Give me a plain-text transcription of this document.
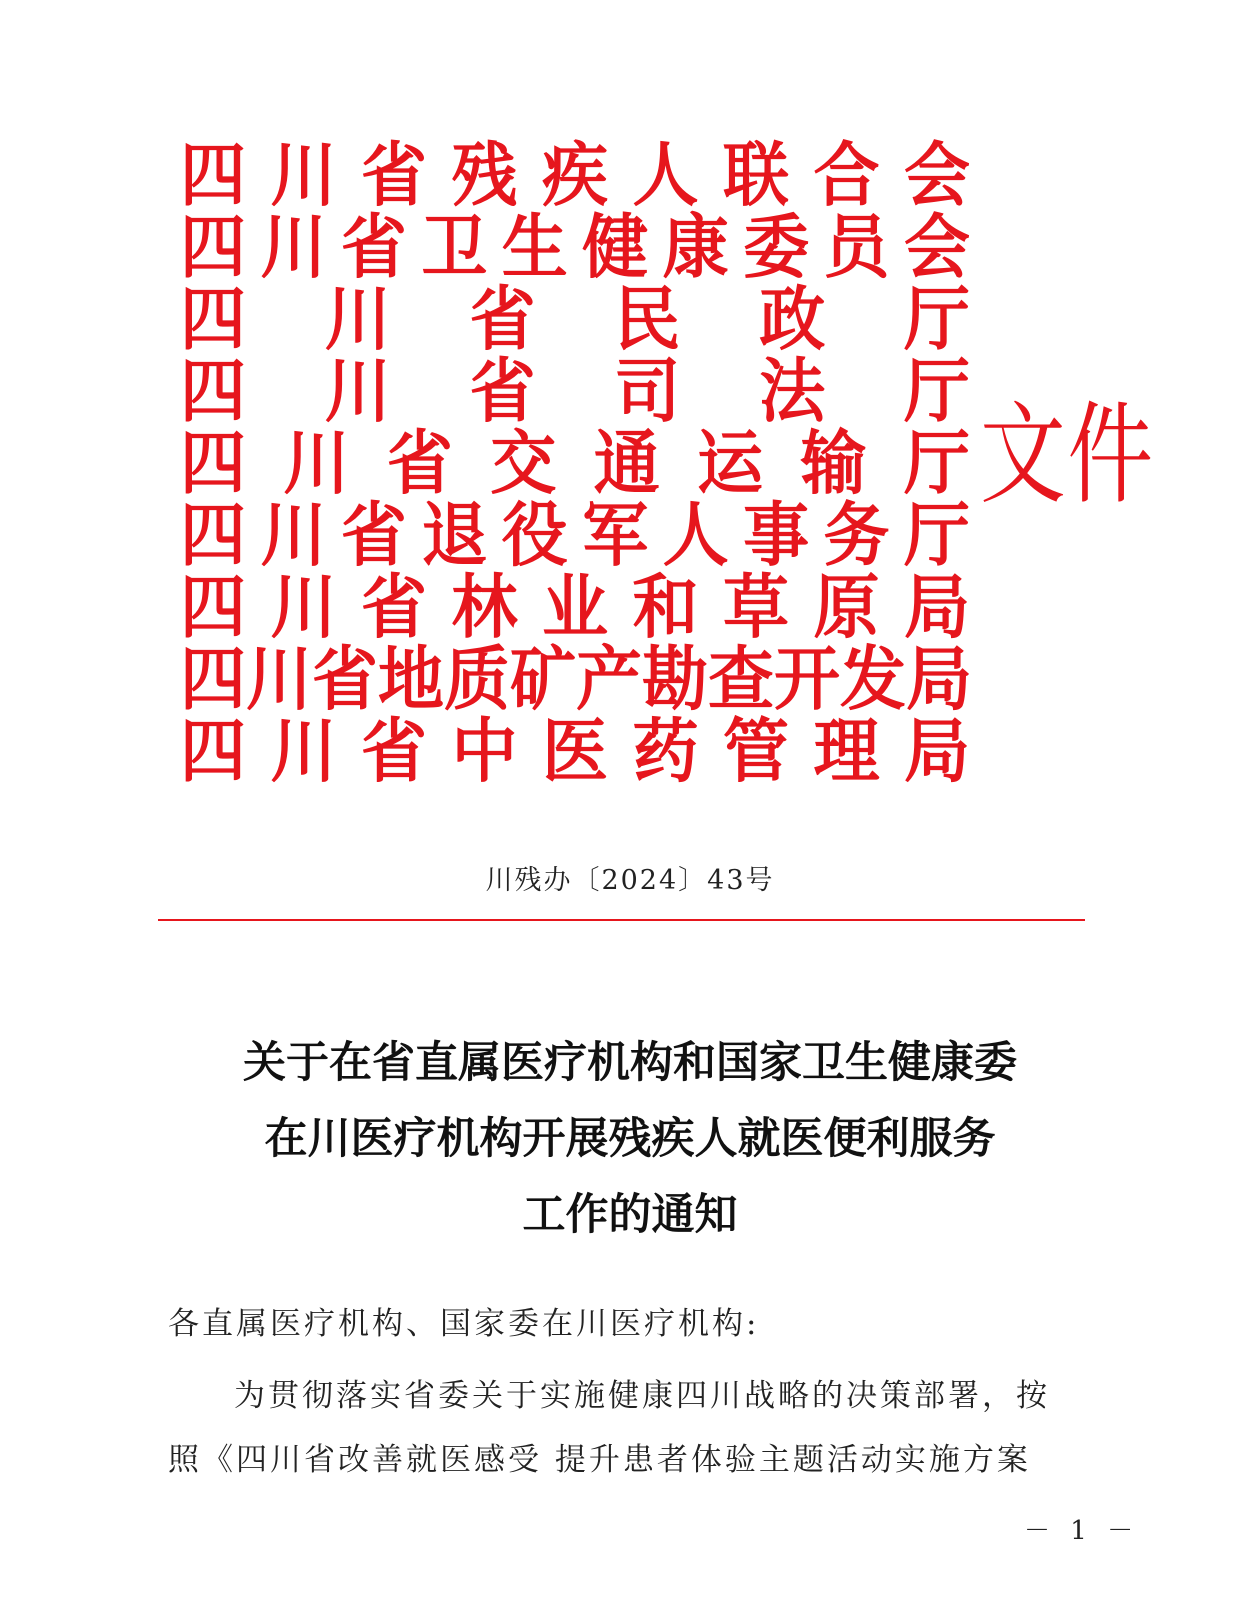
四 川 省 残 疾 人 联 合 会
四 川 省 卫 生 健 康 委 员 会
四 川 省 民 政 厅
四 川 省 司 法 厅
四 川 省 交 通 运 输 厅
四 川 省 退 役 军 人 事 务 厅
四 川 省 林 业 和 草 原 局
四 川 省 地 质 矿 产 勘 查 开 发 局
四 川 省 中 医 药 管 理 局
文件
川残办〔2024〕43号
关于在省直属医疗机构和国家卫生健康委
在川医疗机构开展残疾人就医便利服务
工作的通知
各直属医疗机构、国家委在川医疗机构:
为贯彻落实省委关于实施健康四川战略的决策部署，按
照《四川省改善就医感受 提升患者体验主题活动实施方案
－ 1 －
